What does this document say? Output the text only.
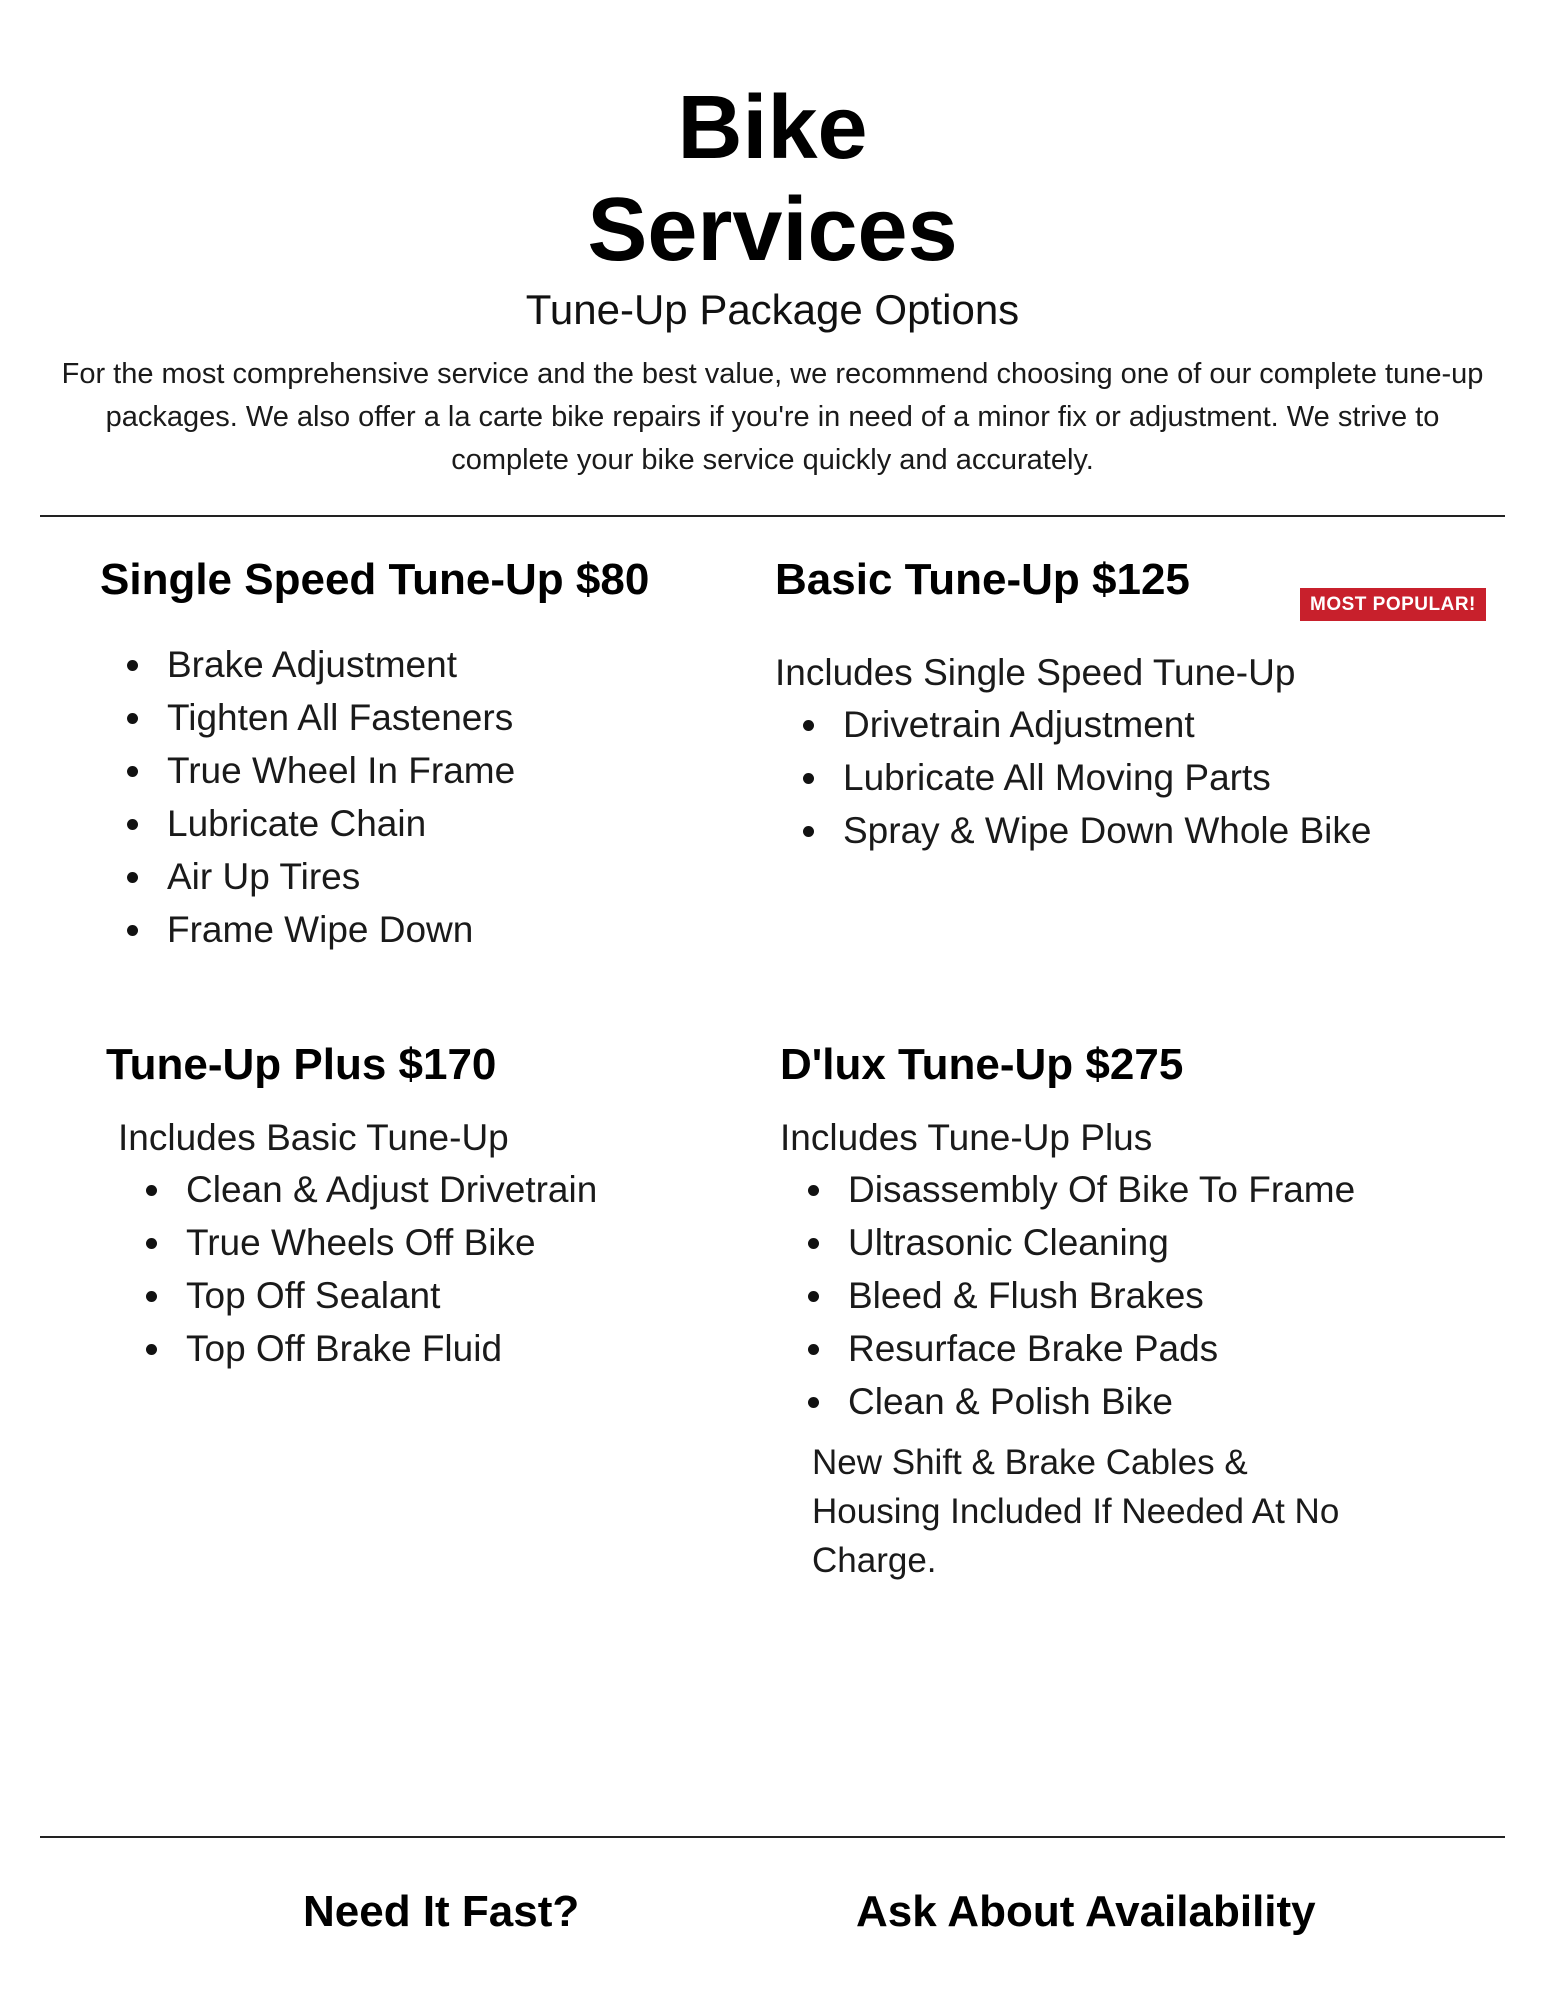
Bike
Services

Tune-Up Package Options

For the most comprehensive service and the best value, we recommend choosing one of our complete tune-up packages. We also offer a la carte bike repairs if you're in need of a minor fix or adjustment. We strive to complete your bike service quickly and accurately.

Single Speed Tune-Up $80
Brake Adjustment
Tighten All Fasteners
True Wheel In Frame
Lubricate Chain
Air Up Tires
Frame Wipe Down
Basic Tune-Up $125

Includes Single Speed Tune-Up

Drivetrain Adjustment
Lubricate All Moving Parts
Spray & Wipe Down Whole Bike
MOST POPULAR!
Tune-Up Plus $170

Includes Basic Tune-Up

Clean & Adjust Drivetrain
True Wheels Off Bike
Top Off Sealant
Top Off Brake Fluid
D'lux Tune-Up $275

Includes Tune-Up Plus

Disassembly Of Bike To Frame
Ultrasonic Cleaning
Bleed & Flush Brakes
Resurface Brake Pads
Clean & Polish Bike

New Shift & Brake Cables & Housing Included If Needed At No Charge.

Need It Fast?	Ask About Availability
